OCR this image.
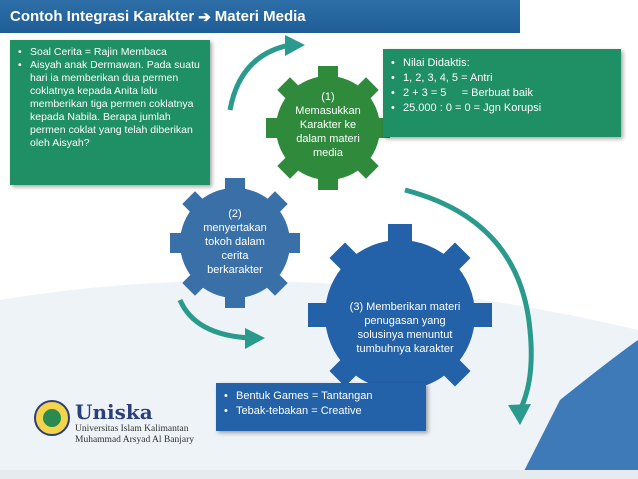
Contoh Integrasi Karakter ➔ Materi Media
• Soal Cerita = Rajin Membaca
• Aisyah anak Dermawan. Pada suatu hari ia memberikan dua permen coklatnya kepada Anita lalu memberikan tiga permen coklatnya kepada Nabila. Berapa jumlah permen coklat yang telah diberikan oleh Aisyah?
• Nilai Didaktis:
• 1, 2, 3, 4, 5 = Antri
• 2 + 3 = 5     = Berbuat baik
• 25.000 : 0 = 0 = Jgn Korupsi
• Bentuk Games = Tantangan
• Tebak-tebakan = Creative
(1)
Memasukkan
Karakter ke
dalam materi
media
(2)
menyertakan
tokoh dalam
cerita
berkarakter
(3) Memberikan materi
penugasan yang
solusinya menuntut
tumbuhnya karakter
Uniska
Universitas Islam Kalimantan
Muhammad Arsyad Al Banjary
